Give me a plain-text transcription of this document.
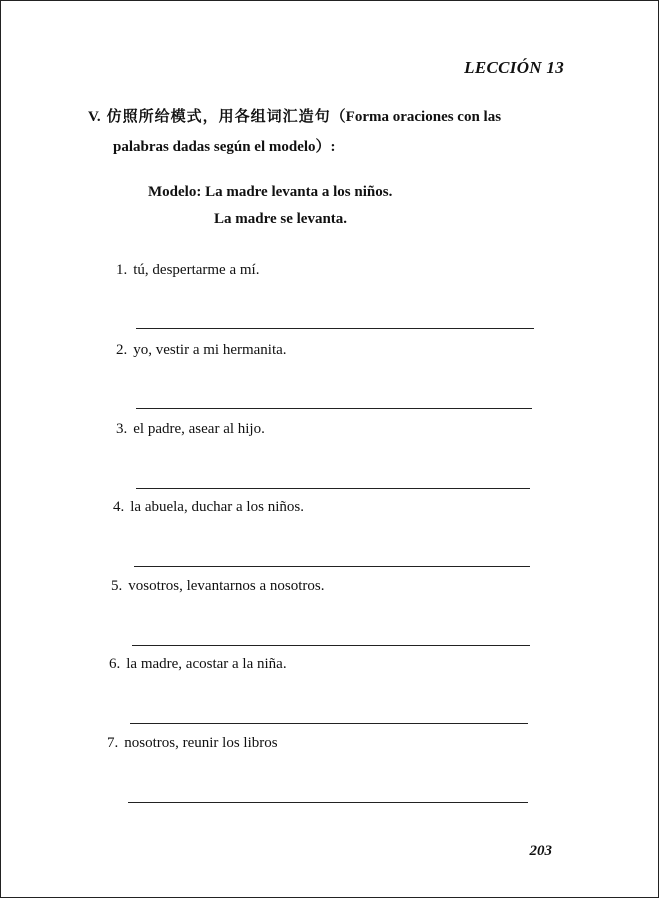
LECCIÓN 13
V. 仿照所给模式，用各组词汇造句（Forma oraciones con las
palabras dadas según el modelo）:
Modelo: La madre levanta a los niños.
La madre se levanta.
1. tú, despertarme a mí.
2. yo, vestir a mi hermanita.
3. el padre, asear al hijo.
4. la abuela, duchar a los niños.
5. vosotros, levantarnos a nosotros.
6. la madre, acostar a la niña.
7. nosotros, reunir los libros
203
